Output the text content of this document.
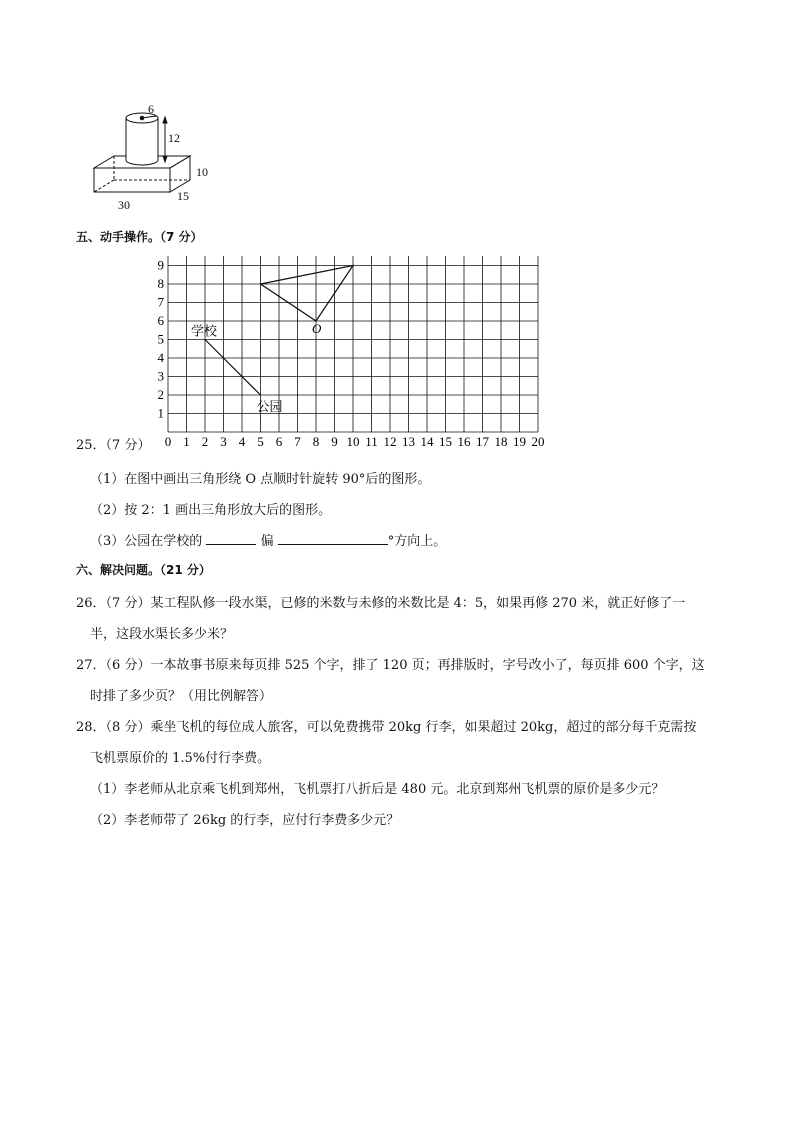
6
12
10
15
30
五、动手操作。（7 分）
9
8
7
6
5
4
3
2
1
0 1 2 3 4 5 6 7 8 9 10 11 12 13 14 15 16 17 18 19 20
学校
公园
O
25．（7 分）
（1）在图中画出三角形绕 O 点顺时针旋转 90°后的图形。
（2）按 2：1 画出三角形放大后的图形。
（3）公园在学校的	偏	°方向上。
六、解决问题。（21 分）
26．（7 分）某工程队修一段水渠，已修的米数与未修的米数比是 4：5，如果再修 270 米，就正好修了一
半，这段水渠长多少米？
27．（6 分）一本故事书原来每页排 525 个字，排了 120 页；再排版时，字号改小了，每页排 600 个字，这
时排了多少页？（用比例解答）
28．（8 分）乘坐飞机的每位成人旅客，可以免费携带 20kg 行李，如果超过 20kg，超过的部分每千克需按
飞机票原价的 1.5%付行李费。
（1）李老师从北京乘飞机到郑州，飞机票打八折后是 480 元。北京到郑州飞机票的原价是多少元？
（2）李老师带了 26kg 的行李，应付行李费多少元？
